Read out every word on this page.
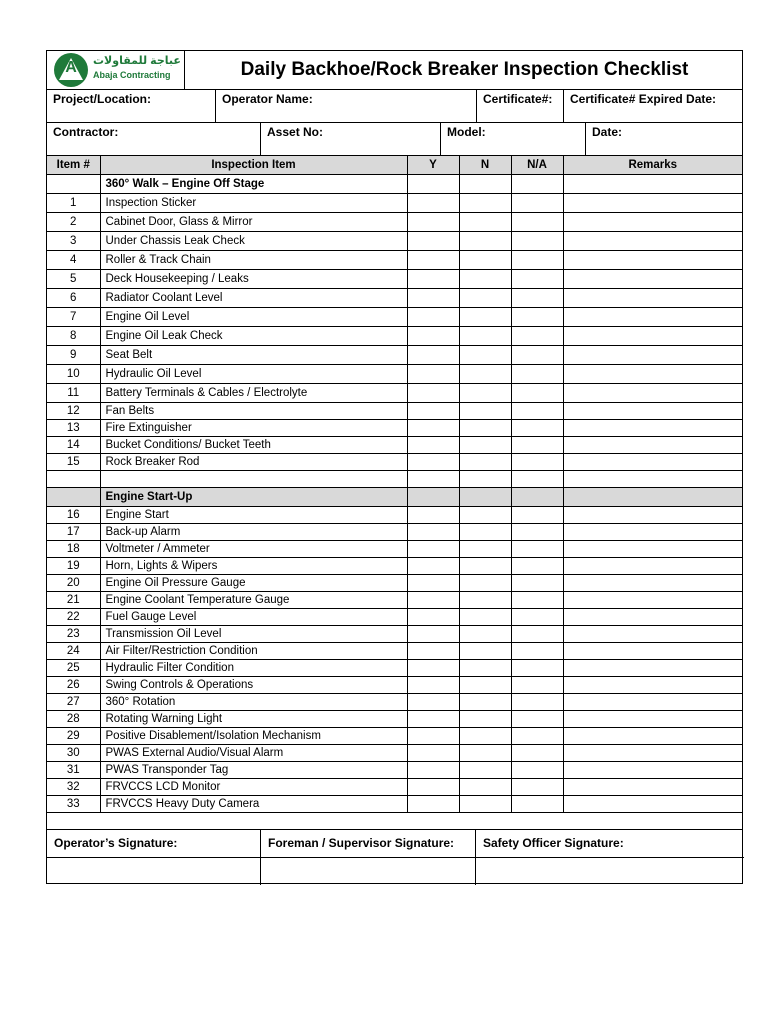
A	عباجة للمقاولات
Abaja Contracting	Daily Backhoe/Rock Breaker Inspection Checklist
Project/Location:	Operator Name:	Certificate#:	Certificate# Expired Date:
Contractor:	Asset No:	Model:	Date:
Item #	Inspection Item	Y	N	N/A	Remarks
	360° Walk – Engine Off Stage				
1	Inspection Sticker				
2	Cabinet Door, Glass & Mirror				
3	Under Chassis Leak Check				
4	Roller & Track Chain				
5	Deck Housekeeping / Leaks				
6	Radiator Coolant Level				
7	Engine Oil Level				
8	Engine Oil Leak Check				
9	Seat Belt				
10	Hydraulic Oil Level				
11	Battery Terminals & Cables / Electrolyte				
12	Fan Belts				
13	Fire Extinguisher				
14	Bucket Conditions/ Bucket Teeth				
15	Rock Breaker Rod				

	Engine Start-Up				
16	Engine Start				
17	Back-up Alarm				
18	Voltmeter / Ammeter				
19	Horn, Lights & Wipers				
20	Engine Oil Pressure Gauge				
21	Engine Coolant Temperature Gauge				
22	Fuel Gauge Level				
23	Transmission Oil Level				
24	Air Filter/Restriction Condition				
25	Hydraulic Filter Condition				
26	Swing Controls & Operations				
27	360° Rotation				
28	Rotating Warning Light				
29	Positive Disablement/Isolation Mechanism				
30	PWAS External Audio/Visual Alarm				
31	PWAS Transponder Tag				
32	FRVCCS LCD Monitor				
33	FRVCCS Heavy Duty Camera				
Operator’s Signature:	Foreman / Supervisor Signature:	Safety Officer Signature:
